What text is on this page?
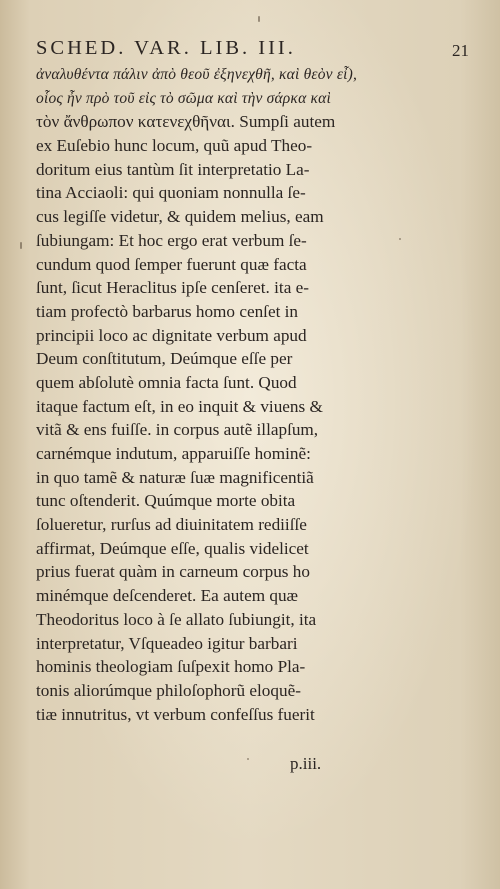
SCHED. VAR. LIB. III.	21
ἀναλυθέντα πάλιν ἀπὸ θεοῦ ἐξηνεχθῆ, καὶ θεὸν εἶ),
οἷος ἦν πρὸ τοῦ εἰς τὸ σῶμα καὶ τὴν σάρκα καὶ
τὸν ἄνθρωπον κατενεχθῆναι. Sumpſi autem
ex Euſebio hunc locum, quũ apud Theo-
doritum eius tantùm ſit interpretatio La-
tina Acciaoli: qui quoniam nonnulla ſe-
cus legiſſe videtur, & quidem melius, eam
ſubiungam: Et hoc ergo erat verbum ſe-
cundum quod ſemper fuerunt quæ facta
ſunt, ſicut Heraclitus ipſe cenſeret. ita e-
tiam profectò barbarus homo cenſet in
principii loco ac dignitate verbum apud
Deum conſtitutum, Deúmque eſſe per
quem abſolutè omnia facta ſunt. Quod
itaque factum eſt, in eo inquit & viuens &
vitã & ens fuiſſe. in corpus autẽ illapſum,
carnémque indutum, apparuiſſe hominẽ:
in quo tamẽ & naturæ ſuæ magnificentiã
tunc oſtenderit. Quúmque morte obita
ſolueretur, rurſus ad diuinitatem rediiſſe
affirmat, Deúmque eſſe, qualis videlicet
prius fuerat quàm in carneum corpus ho
minémque deſcenderet. Ea autem quæ
Theodoritus loco à ſe allato ſubiungit, ita
interpretatur, Vſqueadeo igitur barbari
hominis theologiam ſuſpexit homo Pla-
tonis aliorúmque philoſophorũ eloquẽ-
tiæ innutritus, vt verbum confeſſus fuerit
p.iii.
